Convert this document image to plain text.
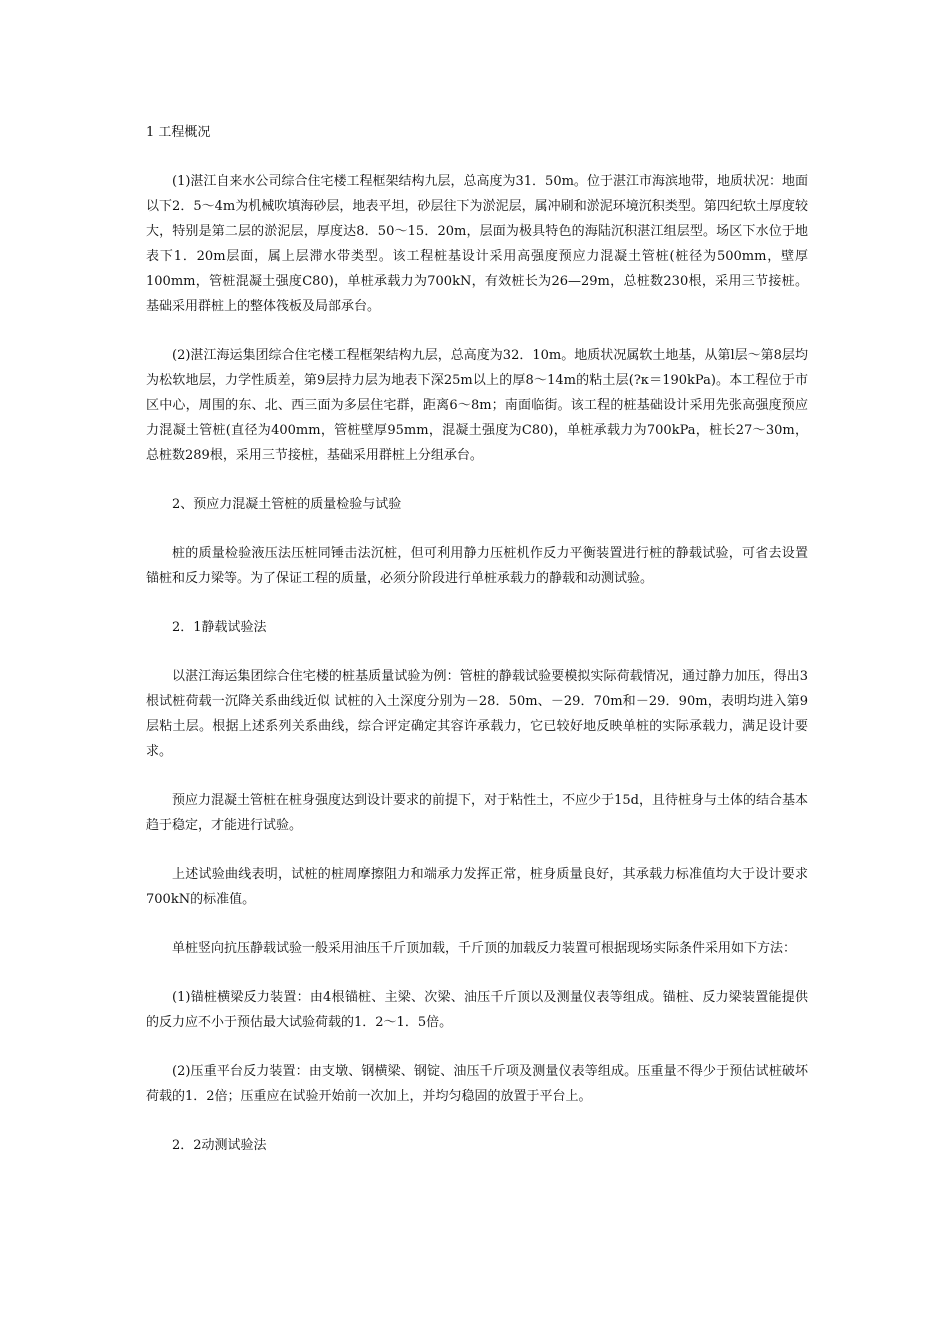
1 工程概况
(1)湛江自来水公司综合住宅楼工程框架结构九层，总高度为31．50m。位于湛江市海滨地带，地质状况：地面以下2．5～4m为机械吹填海砂层，地表平坦，砂层往下为淤泥层，属冲刷和淤泥环境沉积类型。第四纪软土厚度较大，特别是第二层的淤泥层，厚度达8．50～15．20m，层面为极具特色的海陆沉积湛江组层型。场区下水位于地表下1．20m层面，属上层滞水带类型。该工程桩基设计采用高强度预应力混凝土管桩(桩径为500mm，壁厚100mm，管桩混凝土强度C80)，单桩承载力为700kN，有效桩长为26—29m，总桩数230根，采用三节接桩。基础采用群桩上的整体筏板及局部承台。
(2)湛江海运集团综合住宅楼工程框架结构九层，总高度为32．10m。地质状况属软土地基，从第l层～第8层均为松软地层，力学性质差，第9层持力层为地表下深25m以上的厚8～14m的粘土层(?κ＝190kPa)。本工程位于市区中心，周围的东、北、西三面为多层住宅群，距离6～8m；南面临街。该工程的桩基础设计采用先张高强度预应力混凝土管桩(直径为400mm，管桩壁厚95mm，混凝土强度为C80)，单桩承载力为700kPa，桩长27～30m，总桩数289根，采用三节接桩，基础采用群桩上分组承台。
2、预应力混凝土管桩的质量检验与试验
桩的质量检验液压法压桩同锤击法沉桩，但可利用静力压桩机作反力平衡装置进行桩的静载试验，可省去设置锚桩和反力梁等。为了保证工程的质量，必须分阶段进行单桩承载力的静载和动测试验。
2．1静载试验法
以湛江海运集团综合住宅楼的桩基质量试验为例：管桩的静载试验要模拟实际荷载情况，通过静力加压，得出3根试桩荷载一沉降关系曲线近似 试桩的入土深度分别为－28．50m、－29．70m和－29．90m，表明均进入第9层粘土层。根据上述系列关系曲线，综合评定确定其容许承载力，它已较好地反映单桩的实际承载力，满足设计要求。
预应力混凝土管桩在桩身强度达到设计要求的前提下，对于粘性土，不应少于15d，且待桩身与土体的结合基本趋于稳定，才能进行试验。
上述试验曲线表明，试桩的桩周摩擦阻力和端承力发挥正常，桩身质量良好，其承载力标准值均大于设计要求700kN的标准值。
单桩竖向抗压静载试验一般采用油压千斤顶加载，千斤顶的加载反力装置可根据现场实际条件采用如下方法：
(1)锚桩横梁反力装置：由4根锚桩、主梁、次梁、油压千斤顶以及测量仪表等组成。锚桩、反力梁装置能提供的反力应不小于预估最大试验荷载的1．2～1．5倍。
(2)压重平台反力装置：由支墩、钢横梁、钢锭、油压千斤项及测量仪表等组成。压重量不得少于预估试桩破坏荷载的1．2倍；压重应在试验开始前一次加上，并均匀稳固的放置于平台上。
2．2动测试验法
